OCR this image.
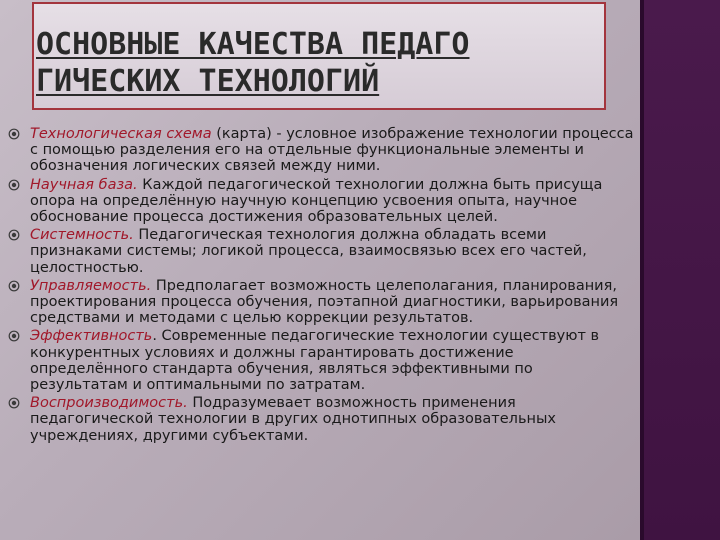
ОСНОВНЫЕ КАЧЕСТВА ПЕДАГО
ГИЧЕСКИХ ТЕХНОЛОГИЙ
Технологическая схема (карта) - условное изображение технологии процесса с помощью разделения его на отдельные функциональные элементы и обозначения логических связей между ними.
Научная база. Каждой педагогической технологии должна быть присуща опора на определённую научную концепцию усвоения опыта, научное обоснование процесса достижения образовательных целей.
Системность. Педагогическая технология должна обладать всеми признаками системы; логикой процесса, взаимосвязью всех его частей, целостностью.
Управляемость. Предполагает возможность целеполагания, планирования, проектирования процесса обучения, поэтапной диагностики, варьирования средствами и методами с целью коррекции результатов.
Эффективность. Современные педагогические технологии существуют в конкурентных условиях и должны гарантировать достижение определённого стандарта обучения, являться эффективными по результатам и оптимальными по затратам.
Воспроизводимость. Подразумевает возможность применения педагогической технологии в других однотипных образовательных учреждениях, другими субъектами.
